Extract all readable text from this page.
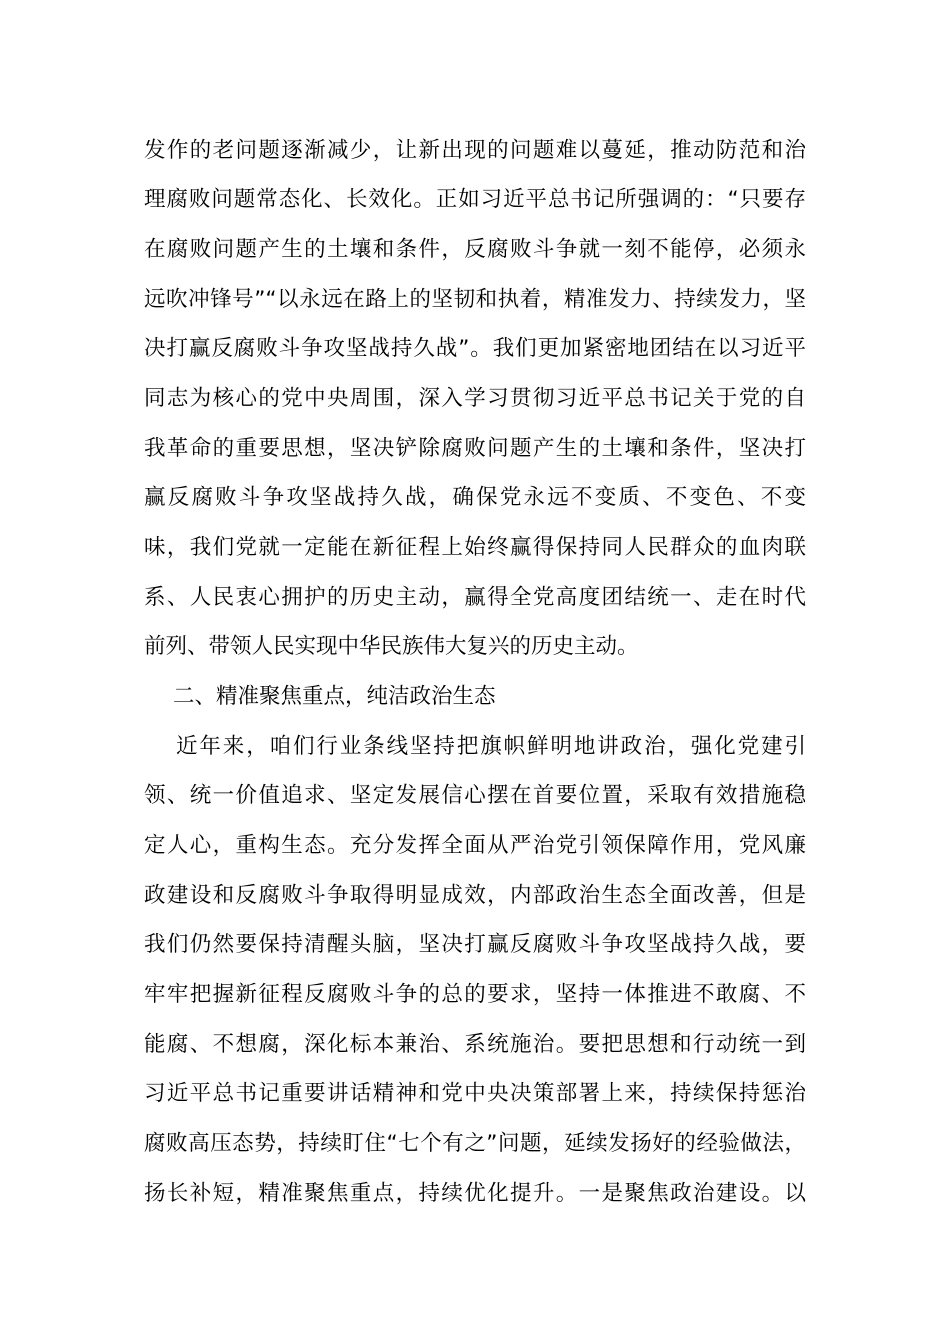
发作的老问题逐渐减少，让新出现的问题难以蔓延，推动防范和治
理腐败问题常态化、长效化。正如习近平总书记所强调的：“只要存
在腐败问题产生的土壤和条件，反腐败斗争就一刻不能停，必须永
远吹冲锋号”“以永远在路上的坚韧和执着，精准发力、持续发力，坚
决打赢反腐败斗争攻坚战持久战”。我们更加紧密地团结在以习近平
同志为核心的党中央周围，深入学习贯彻习近平总书记关于党的自
我革命的重要思想，坚决铲除腐败问题产生的土壤和条件，坚决打
赢反腐败斗争攻坚战持久战，确保党永远不变质、不变色、不变
味，我们党就一定能在新征程上始终赢得保持同人民群众的血肉联
系、人民衷心拥护的历史主动，赢得全党高度团结统一、走在时代
前列、带领人民实现中华民族伟大复兴的历史主动。
二、精准聚焦重点，纯洁政治生态
近年来，咱们行业条线坚持把旗帜鲜明地讲政治，强化党建引
领、统一价值追求、坚定发展信心摆在首要位置，采取有效措施稳
定人心，重构生态。充分发挥全面从严治党引领保障作用，党风廉
政建设和反腐败斗争取得明显成效，内部政治生态全面改善，但是
我们仍然要保持清醒头脑，坚决打赢反腐败斗争攻坚战持久战，要
牢牢把握新征程反腐败斗争的总的要求，坚持一体推进不敢腐、不
能腐、不想腐，深化标本兼治、系统施治。要把思想和行动统一到
习近平总书记重要讲话精神和党中央决策部署上来，持续保持惩治
腐败高压态势，持续盯住“七个有之”问题，延续发扬好的经验做法，
扬长补短，精准聚焦重点，持续优化提升。一是聚焦政治建设。以
